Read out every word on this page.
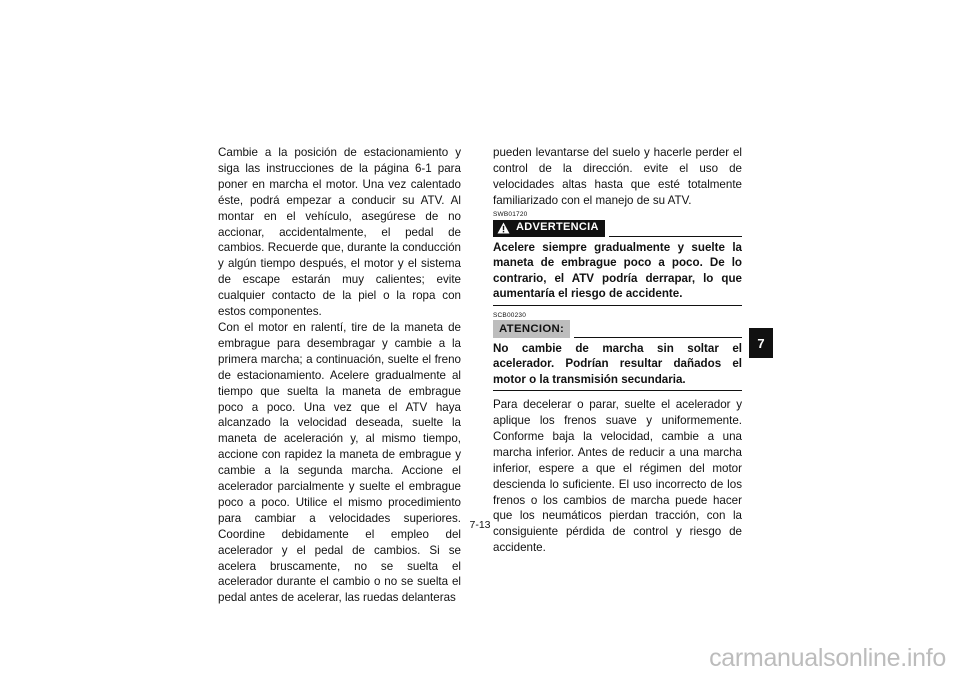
Cambie a la posición de estacionamiento y siga las instrucciones de la página 6-1 para poner en marcha el motor. Una vez calentado éste, podrá empezar a conducir su ATV. Al montar en el vehículo, asegúrese de no accionar, accidentalmente, el pedal de cambios. Recuerde que, durante la conducción y algún tiempo después, el motor y el sistema de escape estarán muy calientes; evite cualquier contacto de la piel o la ropa con estos componentes.

Con el motor en ralentí, tire de la maneta de embrague para desembragar y cambie a la primera marcha; a continuación, suelte el freno de estacionamiento. Acelere gradualmente al tiempo que suelta la maneta de embrague poco a poco. Una vez que el ATV haya alcanzado la velocidad deseada, suelte la maneta de aceleración y, al mismo tiempo, accione con rapidez la maneta de embrague y cambie a la segunda marcha. Accione el acelerador parcialmente y suelte el embrague poco a poco. Utilice el mismo procedimiento para cambiar a velocidades superiores. Coordine debidamente el empleo del acelerador y el pedal de cambios. Si se acelera bruscamente, no se suelta el acelerador durante el cambio o no se suelta el pedal antes de acelerar, las ruedas delanteras

pueden levantarse del suelo y hacerle perder el control de la dirección. evite el uso de velocidades altas hasta que esté totalmente familiarizado con el manejo de su ATV.

SWB01720
ADVERTENCIA

Acelere siempre gradualmente y suelte la maneta de embrague poco a poco. De lo contrario, el ATV podría derrapar, lo que aumentaría el riesgo de accidente.

SCB00230
ATENCION:

No cambie de marcha sin soltar el acelerador. Podrían resultar dañados el motor o la transmisión secundaria.

Para decelerar o parar, suelte el acelerador y aplique los frenos suave y uniformemente. Conforme baja la velocidad, cambie a una marcha inferior. Antes de reducir a una marcha inferior, espere a que el régimen del motor descienda lo suficiente. El uso incorrecto de los frenos o los cambios de marcha puede hacer que los neumáticos pierdan tracción, con la consiguiente pérdida de control y riesgo de accidente.

7
7-13
carmanualsonline.info
